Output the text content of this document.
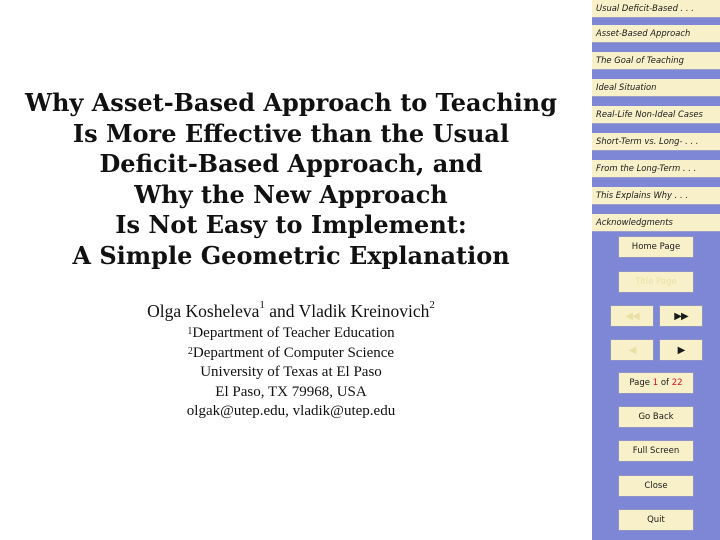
Why Asset-Based Approach to Teaching
Is More Effective than the Usual
Deficit-Based Approach, and
Why the New Approach
Is Not Easy to Implement:
A Simple Geometric Explanation
Olga Kosheleva$^1$ and Vladik Kreinovich$^2$
$^1$Department of Teacher Education
$^2$Department of Computer Science
University of Texas at El Paso
El Paso, TX 79968, USA
olgak@utep.edu, vladik@utep.edu
Usual Deficit-Based . . .
Asset-Based Approach
The Goal of Teaching
Ideal Situation
Real-Life Non-Ideal Cases
Short-Term vs. Long- . . .
From the Long-Term . . .
This Explains Why . . .
Acknowledgments
Home Page
Title Page
◀◀	▶▶
◀	▶
Page
1
of
22
Go Back
Full Screen
Close
Quit
